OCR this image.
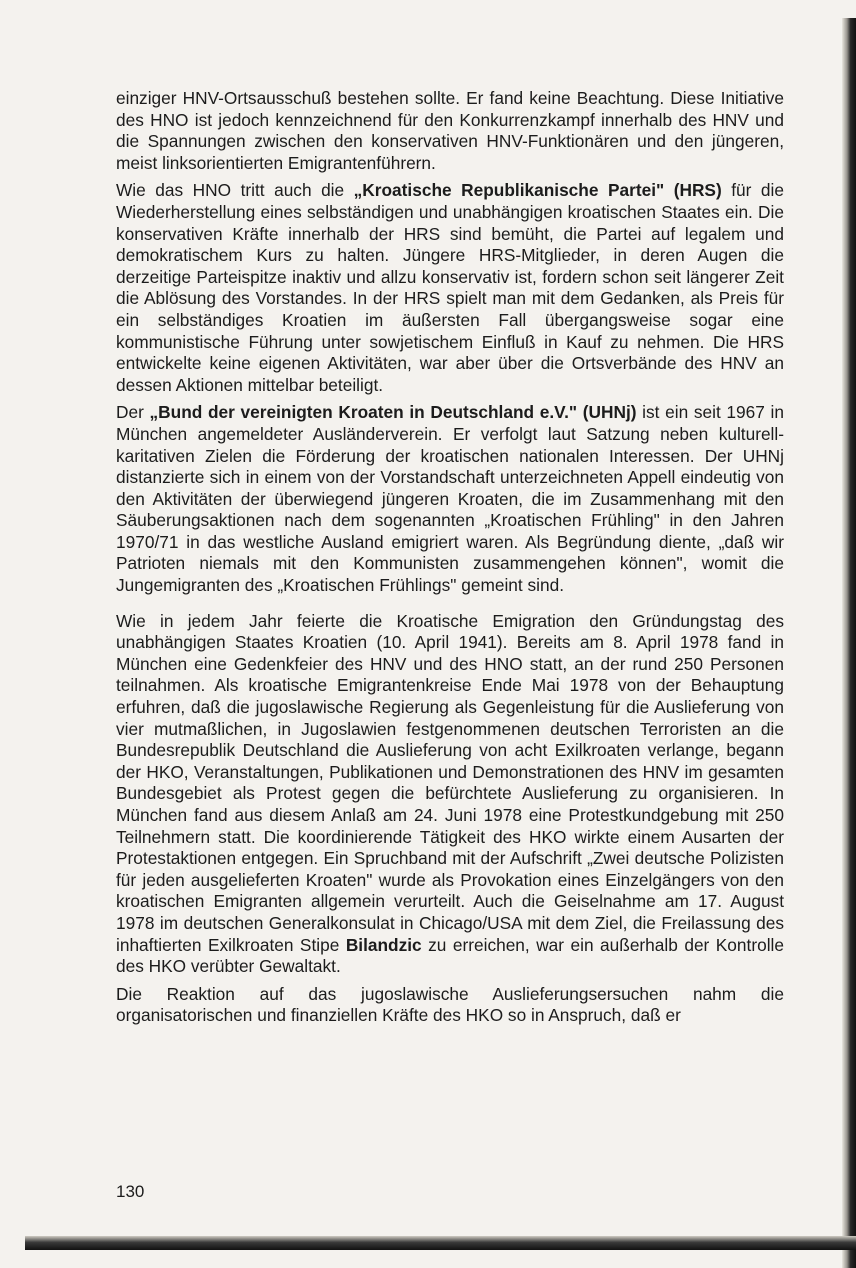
einziger HNV-Ortsausschuß bestehen sollte. Er fand keine Beachtung. Diese Initiative des HNO ist jedoch kennzeichnend für den Konkurrenzkampf innerhalb des HNV und die Spannungen zwischen den konservativen HNV-Funktionären und den jüngeren, meist linksorientierten Emigrantenführern.

Wie das HNO tritt auch die „Kroatische Republikanische Partei" (HRS) für die Wiederherstellung eines selbständigen und unabhängigen kroatischen Staates ein. Die konservativen Kräfte innerhalb der HRS sind bemüht, die Partei auf legalem und demokratischem Kurs zu halten. Jüngere HRS-Mitglieder, in deren Augen die derzeitige Parteispitze inaktiv und allzu konservativ ist, fordern schon seit längerer Zeit die Ablösung des Vorstandes. In der HRS spielt man mit dem Gedanken, als Preis für ein selbständiges Kroatien im äußersten Fall übergangsweise sogar eine kommunistische Führung unter sowjetischem Einfluß in Kauf zu nehmen. Die HRS entwickelte keine eigenen Aktivitäten, war aber über die Ortsverbände des HNV an dessen Aktionen mittelbar beteiligt.

Der „Bund der vereinigten Kroaten in Deutschland e.V." (UHNj) ist ein seit 1967 in München angemeldeter Ausländerverein. Er verfolgt laut Satzung neben kulturell-karitativen Zielen die Förderung der kroatischen nationalen Interessen. Der UHNj distanzierte sich in einem von der Vorstandschaft unterzeichneten Appell eindeutig von den Aktivitäten der überwiegend jüngeren Kroaten, die im Zusammenhang mit den Säuberungsaktionen nach dem sogenannten „Kroatischen Frühling" in den Jahren 1970/71 in das westliche Ausland emigriert waren. Als Begründung diente, „daß wir Patrioten niemals mit den Kommunisten zusammengehen können", womit die Jungemigranten des „Kroatischen Frühlings" gemeint sind.

Wie in jedem Jahr feierte die Kroatische Emigration den Gründungstag des unabhängigen Staates Kroatien (10. April 1941). Bereits am 8. April 1978 fand in München eine Gedenkfeier des HNV und des HNO statt, an der rund 250 Personen teilnahmen. Als kroatische Emigrantenkreise Ende Mai 1978 von der Behauptung erfuhren, daß die jugoslawische Regierung als Gegenleistung für die Auslieferung von vier mutmaßlichen, in Jugoslawien festgenommenen deutschen Terroristen an die Bundesrepublik Deutschland die Auslieferung von acht Exilkroaten verlange, begann der HKO, Veranstaltungen, Publikationen und Demonstrationen des HNV im gesamten Bundesgebiet als Protest gegen die befürchtete Auslieferung zu organisieren. In München fand aus diesem Anlaß am 24. Juni 1978 eine Protestkundgebung mit 250 Teilnehmern statt. Die koordinierende Tätigkeit des HKO wirkte einem Ausarten der Protestaktionen entgegen. Ein Spruchband mit der Aufschrift „Zwei deutsche Polizisten für jeden ausgelieferten Kroaten" wurde als Provokation eines Einzelgängers von den kroatischen Emigranten allgemein verurteilt. Auch die Geiselnahme am 17. August 1978 im deutschen Generalkonsulat in Chicago/USA mit dem Ziel, die Freilassung des inhaftierten Exilkroaten Stipe Bilandzic zu erreichen, war ein außerhalb der Kontrolle des HKO verübter Gewaltakt.

Die Reaktion auf das jugoslawische Auslieferungsersuchen nahm die organisatorischen und finanziellen Kräfte des HKO so in Anspruch, daß er

130
